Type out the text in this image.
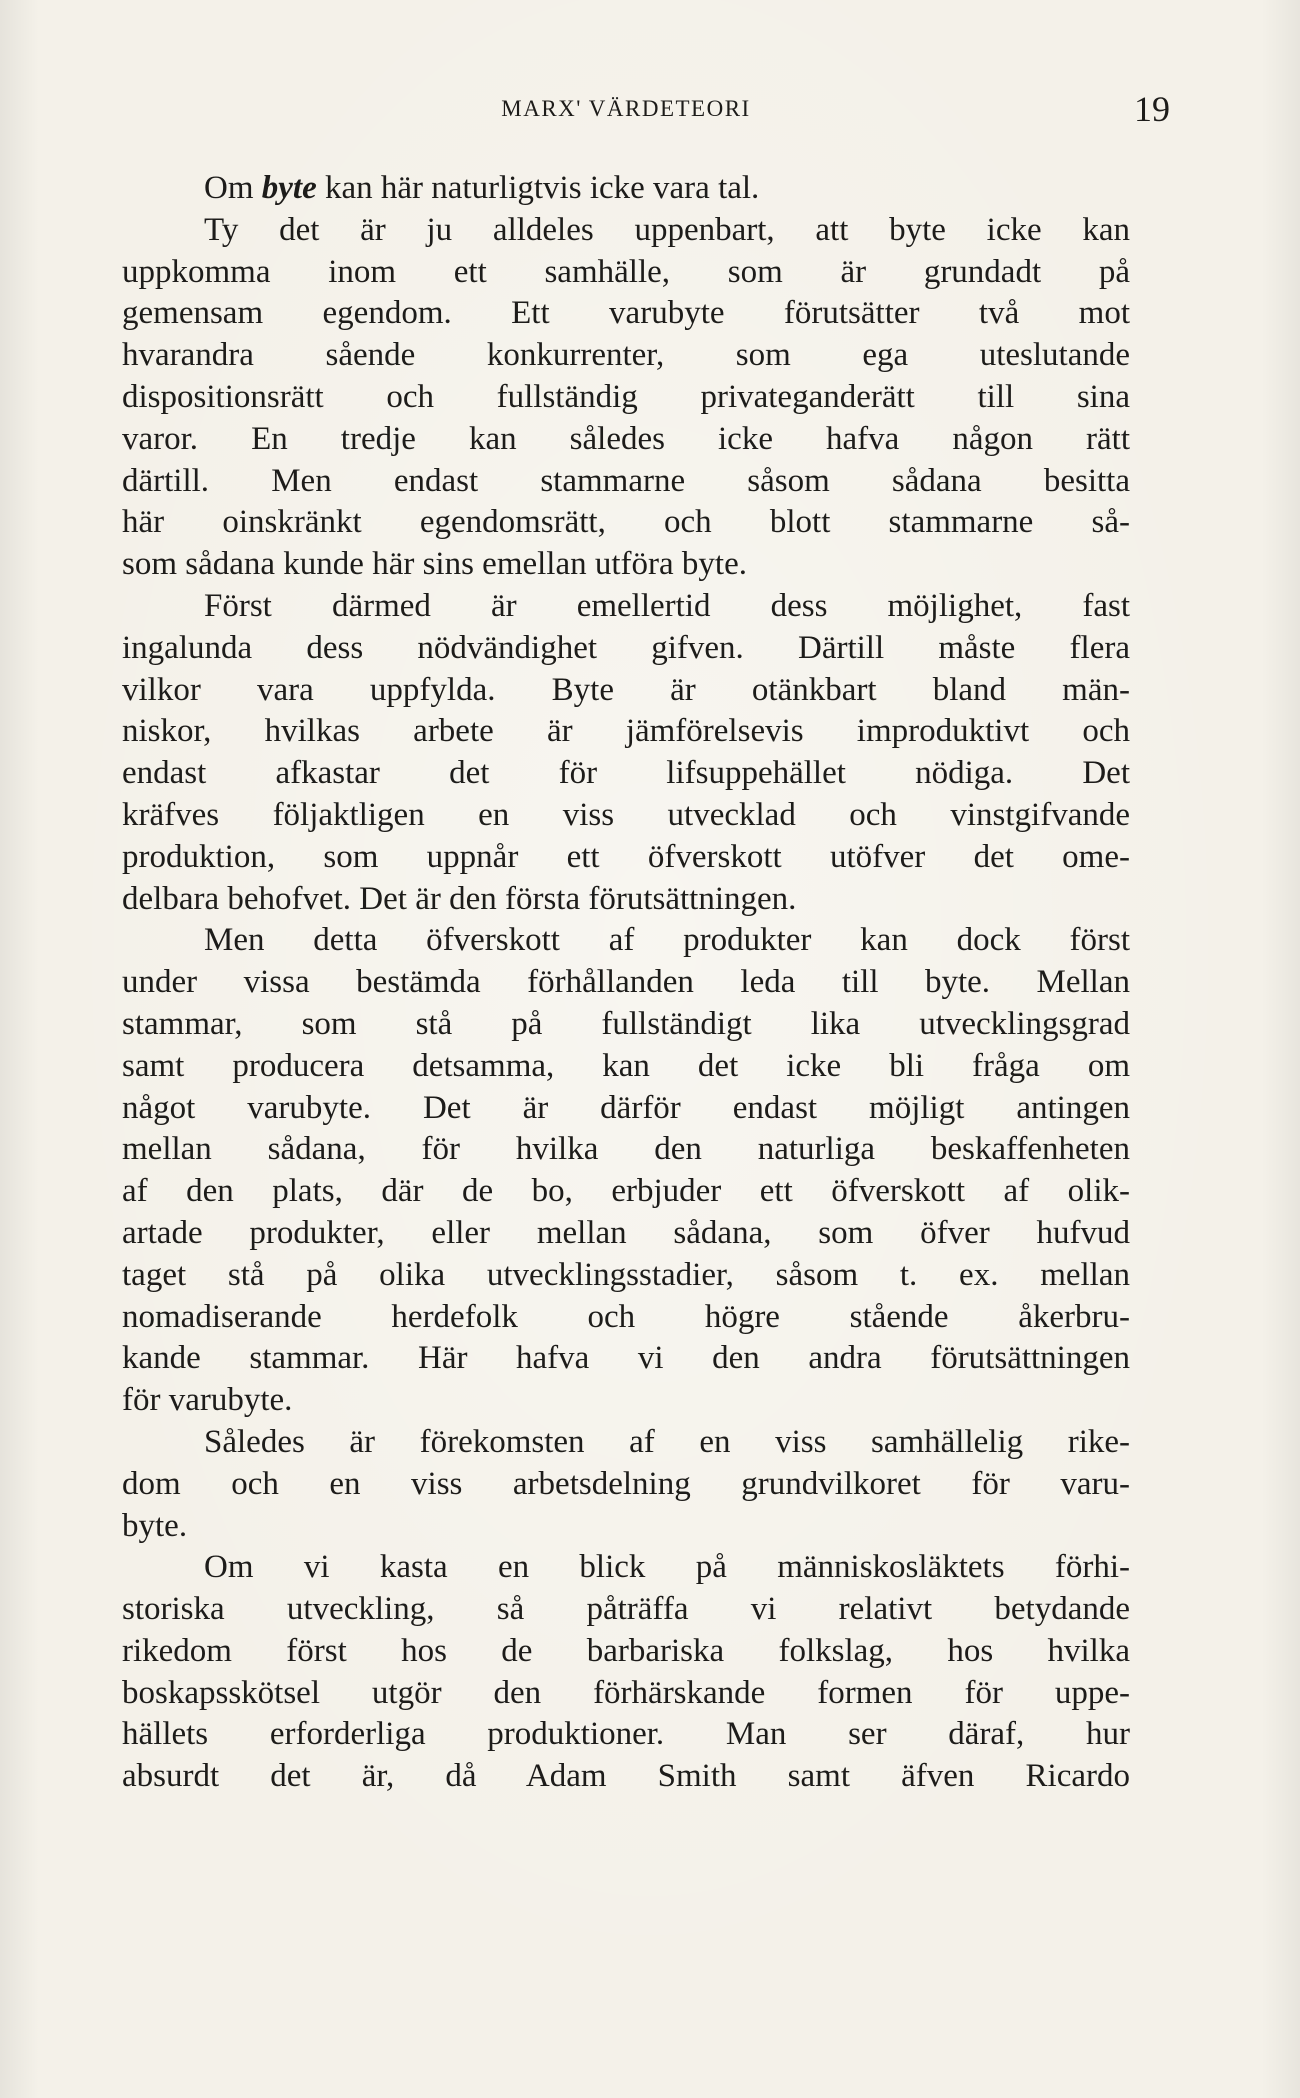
MARX' VÄRDETEORI	19
Om byte kan här naturligtvis icke vara tal.
Ty det är ju alldeles uppenbart, att byte icke kan
uppkomma inom ett samhälle, som är grundadt på
gemensam egendom. Ett varubyte förutsätter två mot
hvarandra sående konkurrenter, som ega uteslutande
dispositionsrätt och fullständig privateganderätt till sina
varor. En tredje kan således icke hafva någon rätt
därtill. Men endast stammarne såsom sådana besitta
här oinskränkt egendomsrätt, och blott stammarne så-
som sådana kunde här sins emellan utföra byte.
Först därmed är emellertid dess möjlighet, fast
ingalunda dess nödvändighet gifven. Därtill måste flera
vilkor vara uppfylda. Byte är otänkbart bland män-
niskor, hvilkas arbete är jämförelsevis improduktivt och
endast afkastar det för lifsuppehället nödiga. Det
kräfves följaktligen en viss utvecklad och vinstgifvande
produktion, som uppnår ett öfverskott utöfver det ome-
delbara behofvet. Det är den första förutsättningen.
Men detta öfverskott af produkter kan dock först
under vissa bestämda förhållanden leda till byte. Mellan
stammar, som stå på fullständigt lika utvecklingsgrad
samt producera detsamma, kan det icke bli fråga om
något varubyte. Det är därför endast möjligt antingen
mellan sådana, för hvilka den naturliga beskaffenheten
af den plats, där de bo, erbjuder ett öfverskott af olik-
artade produkter, eller mellan sådana, som öfver hufvud
taget stå på olika utvecklingsstadier, såsom t. ex. mellan
nomadiserande herdefolk och högre stående åkerbru-
kande stammar. Här hafva vi den andra förutsättningen
för varubyte.
Således är förekomsten af en viss samhällelig rike-
dom och en viss arbetsdelning grundvilkoret för varu-
byte.
Om vi kasta en blick på människosläktets förhi-
storiska utveckling, så påträffa vi relativt betydande
rikedom först hos de barbariska folkslag, hos hvilka
boskapsskötsel utgör den förhärskande formen för uppe-
hällets erforderliga produktioner. Man ser däraf, hur
absurdt det är, då Adam Smith samt äfven Ricardo
